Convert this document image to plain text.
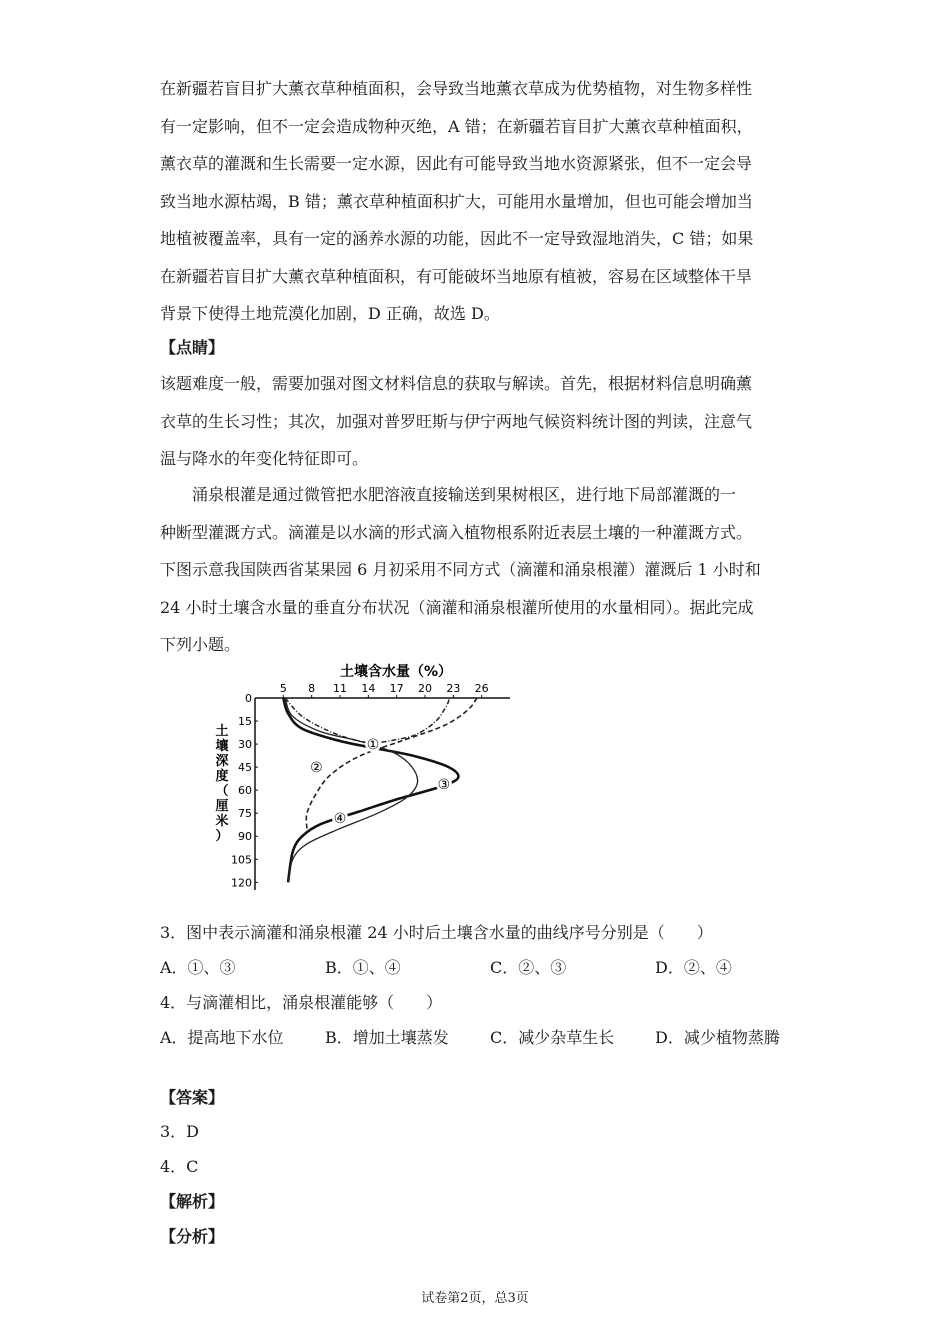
在新疆若盲目扩大薰衣草种植面积，会导致当地薰衣草成为优势植物，对生物多样性
有一定影响，但不一定会造成物种灭绝，A 错；在新疆若盲目扩大薰衣草种植面积，
薰衣草的灌溉和生长需要一定水源，因此有可能导致当地水资源紧张，但不一定会导
致当地水源枯竭，B 错；薰衣草种植面积扩大，可能用水量增加，但也可能会增加当
地植被覆盖率，具有一定的涵养水源的功能，因此不一定导致湿地消失，C 错；如果
在新疆若盲目扩大薰衣草种植面积，有可能破坏当地原有植被，容易在区域整体干旱
背景下使得土地荒漠化加剧，D 正确，故选 D。
【点睛】
该题难度一般，需要加强对图文材料信息的获取与解读。首先，根据材料信息明确薰
衣草的生长习性；其次，加强对普罗旺斯与伊宁两地气候资料统计图的判读，注意气
温与降水的年变化特征即可。
　　涌泉根灌是通过微管把水肥溶液直接输送到果树根区，进行地下局部灌溉的一
种断型灌溉方式。滴灌是以水滴的形式滴入植物根系附近表层土壤的一种灌溉方式。
下图示意我国陕西省某果园 6 月初采用不同方式（滴灌和涌泉根灌）灌溉后 1 小时和
24 小时土壤含水量的垂直分布状况（滴灌和涌泉根灌所使用的水量相同）。据此完成
下列小题。
土壤含水量（%）
土
壤
深
度
（
厘
米
）
5 8 11 14 17 20 23 26
0
15
30
45
60
75
90
105
120
①
②
③
④
3．图中表示滴灌和涌泉根灌 24 小时后土壤含水量的曲线序号分别是（　　）
A．①、③	B．①、④	C．②、③	D．②、④
4．与滴灌相比，涌泉根灌能够（　　）
A．提高地下水位	B．增加土壤蒸发	C．减少杂草生长	D．减少植物蒸腾
【答案】
3．D
4．C
【解析】
【分析】
试卷第2页，总3页
